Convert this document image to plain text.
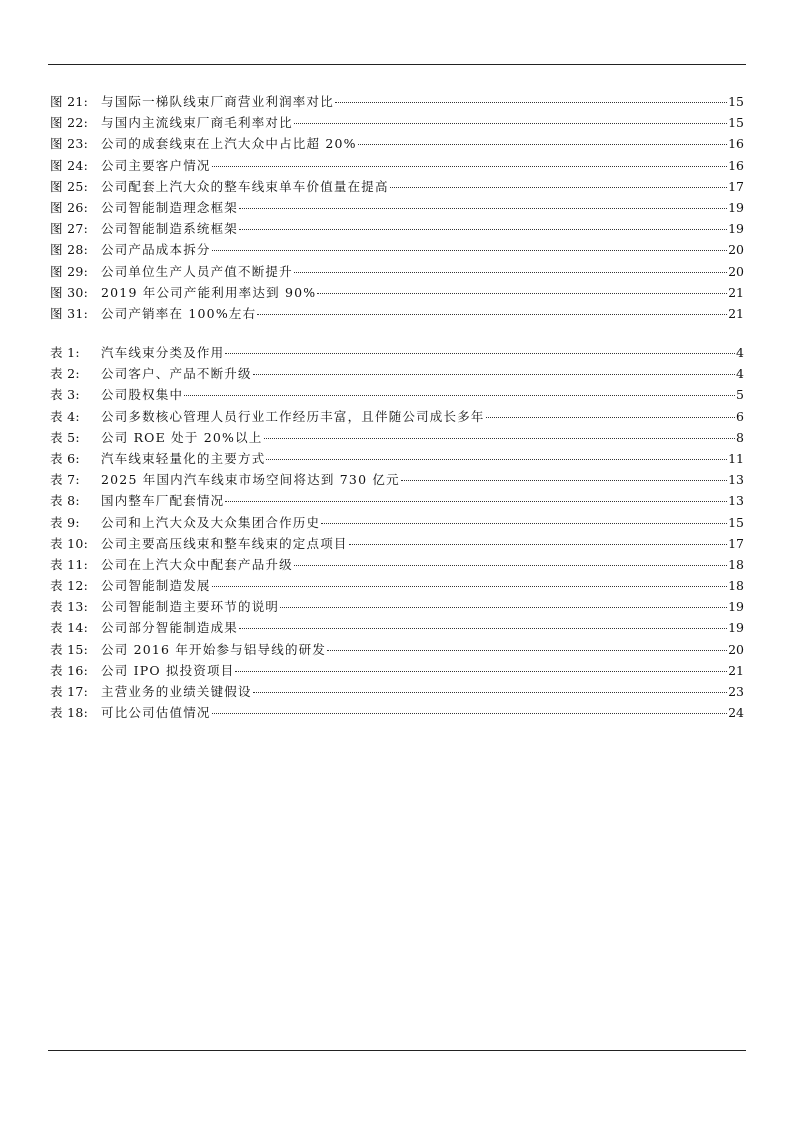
图 21:	与国际一梯队线束厂商营业利润率对比	15
图 22:	与国内主流线束厂商毛利率对比	15
图 23:	公司的成套线束在上汽大众中占比超 20%	16
图 24:	公司主要客户情况	16
图 25:	公司配套上汽大众的整车线束单车价值量在提高	17
图 26:	公司智能制造理念框架	19
图 27:	公司智能制造系统框架	19
图 28:	公司产品成本拆分	20
图 29:	公司单位生产人员产值不断提升	20
图 30:	2019 年公司产能利用率达到 90%	21
图 31:	公司产销率在 100%左右	21
表 1:	汽车线束分类及作用	4
表 2:	公司客户、产品不断升级	4
表 3:	公司股权集中	5
表 4:	公司多数核心管理人员行业工作经历丰富，且伴随公司成长多年	6
表 5:	公司 ROE 处于 20%以上	8
表 6:	汽车线束轻量化的主要方式	11
表 7:	2025 年国内汽车线束市场空间将达到 730 亿元	13
表 8:	国内整车厂配套情况	13
表 9:	公司和上汽大众及大众集团合作历史	15
表 10:	公司主要高压线束和整车线束的定点项目	17
表 11:	公司在上汽大众中配套产品升级	18
表 12:	公司智能制造发展	18
表 13:	公司智能制造主要环节的说明	19
表 14:	公司部分智能制造成果	19
表 15:	公司 2016 年开始参与铝导线的研发	20
表 16:	公司 IPO 拟投资项目	21
表 17:	主营业务的业绩关键假设	23
表 18:	可比公司估值情况	24
